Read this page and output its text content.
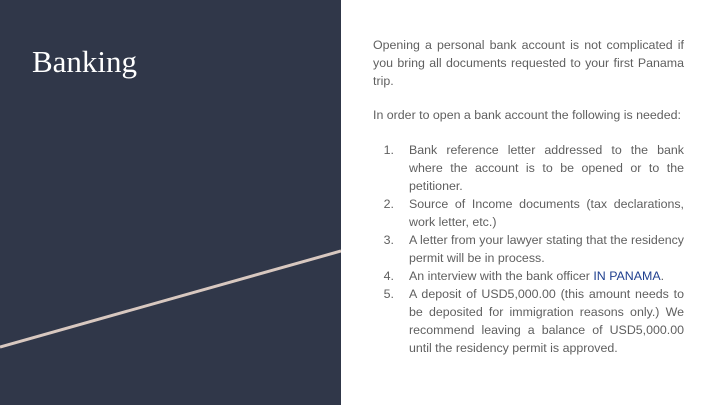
Banking	Opening a personal bank account is not complicated if you bring all documents requested to your first Panama trip.

In order to open a bank account the following is needed:

1. Bank reference letter addressed to the bank where the account is to be opened or to the petitioner.
2. Source of Income documents (tax declarations, work letter, etc.)
3. A letter from your lawyer stating that the residency permit will be in process.
4. An interview with the bank officer IN PANAMA.
5. A deposit of USD5,000.00 (this amount needs to be deposited for immigration reasons only.) We recommend leaving a balance of USD5,000.00 until the residency permit is approved.
